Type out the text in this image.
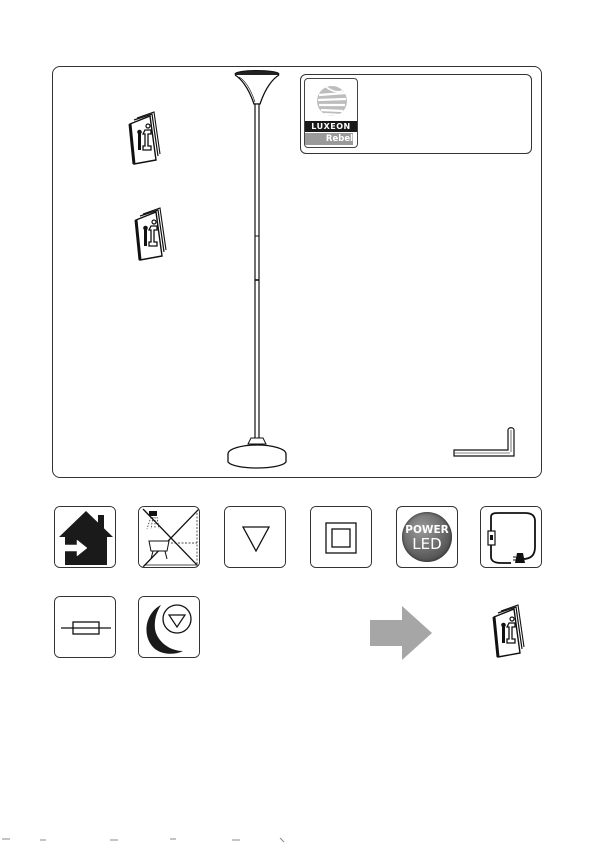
LUXEON
Rebel
POWER
LED
